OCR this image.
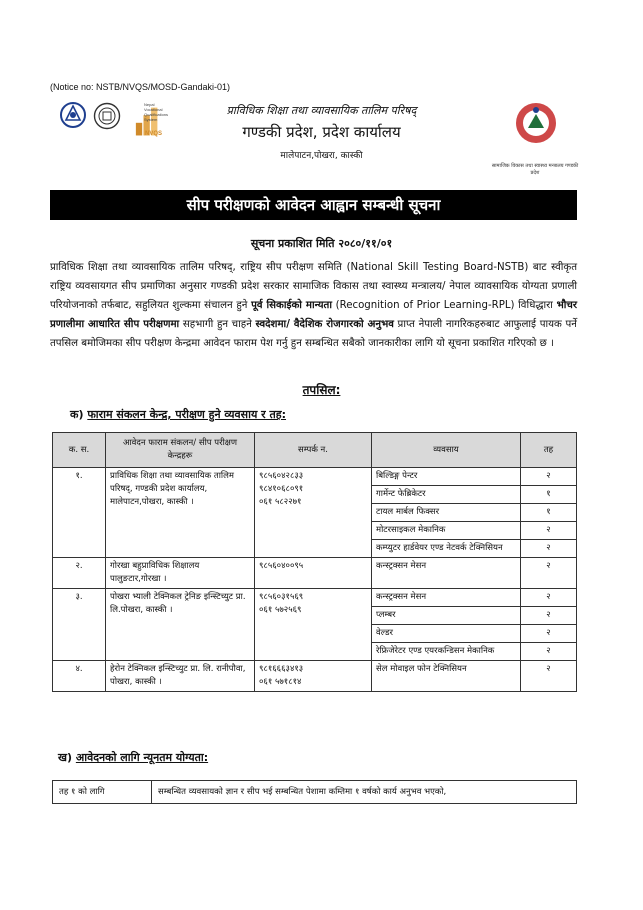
(Notice no: NSTB/NVQS/MOSD-Gandaki-01)
Nepal Vocational Qualifications System
NVQS
प्राविधिक शिक्षा तथा व्यावसायिक तालिम परिषद्
गण्डकी प्रदेश, प्रदेश कार्यालय
मालेपाटन,पोखरा, कास्की
सामाजिक विकास तथा स्वास्थ्य मन्त्रालय गण्डकी प्रदेश
सीप परीक्षणको आवेदन आह्वान सम्बन्धी सूचना
सूचना प्रकाशित मिति २०८०/११/०१
प्राविधिक शिक्षा तथा व्यावसायिक तालिम परिषद्, राष्ट्रिय सीप परीक्षण समिति (National Skill Testing Board-NSTB) बाट स्वीकृत राष्ट्रिय व्यवसायगत सीप प्रमाणिका अनुसार गण्डकी प्रदेश सरकार सामाजिक विकास तथा स्वास्थ्य मन्त्रालय/ नेपाल व्यावसायिक योग्यता प्रणाली परियोजनाको तर्फबाट, सहुलियत शुल्कमा संचालन हुने पूर्व सिकाईको मान्यता (Recognition of Prior Learning-RPL) विधिद्धारा भौचर प्रणालीमा आधारित सीप परीक्षणमा सहभागी हुन चाहने स्वदेशमा/ वैदेशिक रोजगारको अनुभव प्राप्त नेपाली नागरिकहरुबाट आफुलाई पायक पर्ने तपसिल बमोजिमका सीप परीक्षण केन्द्रमा आवेदन फाराम पेश गर्नु हुन सम्बन्धित सबैको जानकारीका लागि यो सूचना प्रकाशित गरिएको छ ।
तपसिल:
क) फाराम संकलन केन्द्र, परीक्षण हुने व्यवसाय र तह:
क. स.	आवेदन फाराम संकलन/ सीप परीक्षण केन्द्रहरू	सम्पर्क न.	व्यवसाय	तह
१.	प्राविधिक शिक्षा तथा व्यावसायिक तालिम परिषद्, गण्डकी प्रदेश कार्यालय, मालेपाटन,पोखरा, कास्की ।	९८५६०४२८३३
९८४१०६८०९१
०६१ ५८२२७१	बिल्डिङ्ग पेन्टर	२
			गार्मेन्ट फेब्रिकेटर	१
			टायल मार्बल फिक्सर	१
			मोटरसाइकल मेकानिक	२
			कम्प्युटर हार्डवेयर एण्ड नेटवर्क टेक्निसियन	२
२.	गोरखा बहुप्राविधिक शिक्षालय पालुङटार,गोरखा ।	९८५६०४००९५	कन्स्ट्रक्सन मेसन	२
३.	पोखरा भ्याली टेक्निकल ट्रेनिङ इन्स्टिच्युट प्रा. लि.पोखरा, कास्की ।	९८५६०३१५६९
०६१ ५७२५६९	कन्स्ट्रक्सन मेसन	२
			प्लम्बर	२
			वेल्डर	२
			रेफ्रिजेरेटर एण्ड एयरकन्डिसन मेकानिक	२
४.	हेरोन टेक्निकल इन्स्टिच्युट प्रा. लि. रानीपौवा, पोखरा, कास्की ।	९८१६६६३४१३
०६१ ५७१८१४	सेल मोवाइल फोन टेक्निसियन	२
ख) आवेदनको लागि न्यूनतम योग्यता:
तह १ को लागि	सम्बन्धित व्यवसायको ज्ञान र सीप भई सम्बन्धित पेशामा कम्तिमा १ वर्षको कार्य अनुभव भएको,
